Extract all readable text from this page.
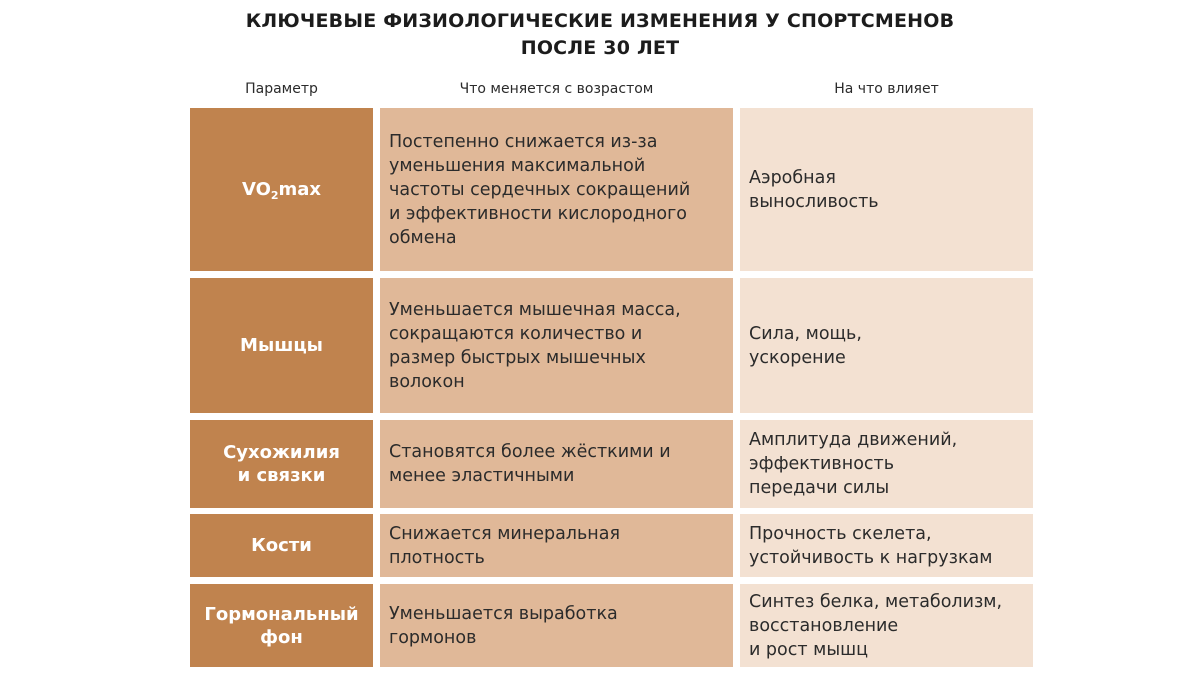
КЛЮЧЕВЫЕ ФИЗИОЛОГИЧЕСКИЕ ИЗМЕНЕНИЯ У СПОРТСМЕНОВ
ПОСЛЕ 30 ЛЕТ
Параметр	Что меняется с возрастом	На что влияет
$VO_2\max$
Постепенно снижается из-за
уменьшения максимальной
частоты сердечных сокращений
и эффективности кислородного
обмена
Аэробная
выносливость
Мышцы
Уменьшается мышечная масса,
сокращаются количество и
размер быстрых мышечных
волокон
Сила, мощь,
ускорение
Сухожилия
и связки
Становятся более жёсткими и
менее эластичными
Амплитуда движений,
эффективность
передачи силы
Кости
Снижается минеральная
плотность
Прочность скелета,
устойчивость к нагрузкам
Гормональный
фон
Уменьшается выработка
гормонов
Синтез белка, метаболизм,
восстановление
и рост мышц
